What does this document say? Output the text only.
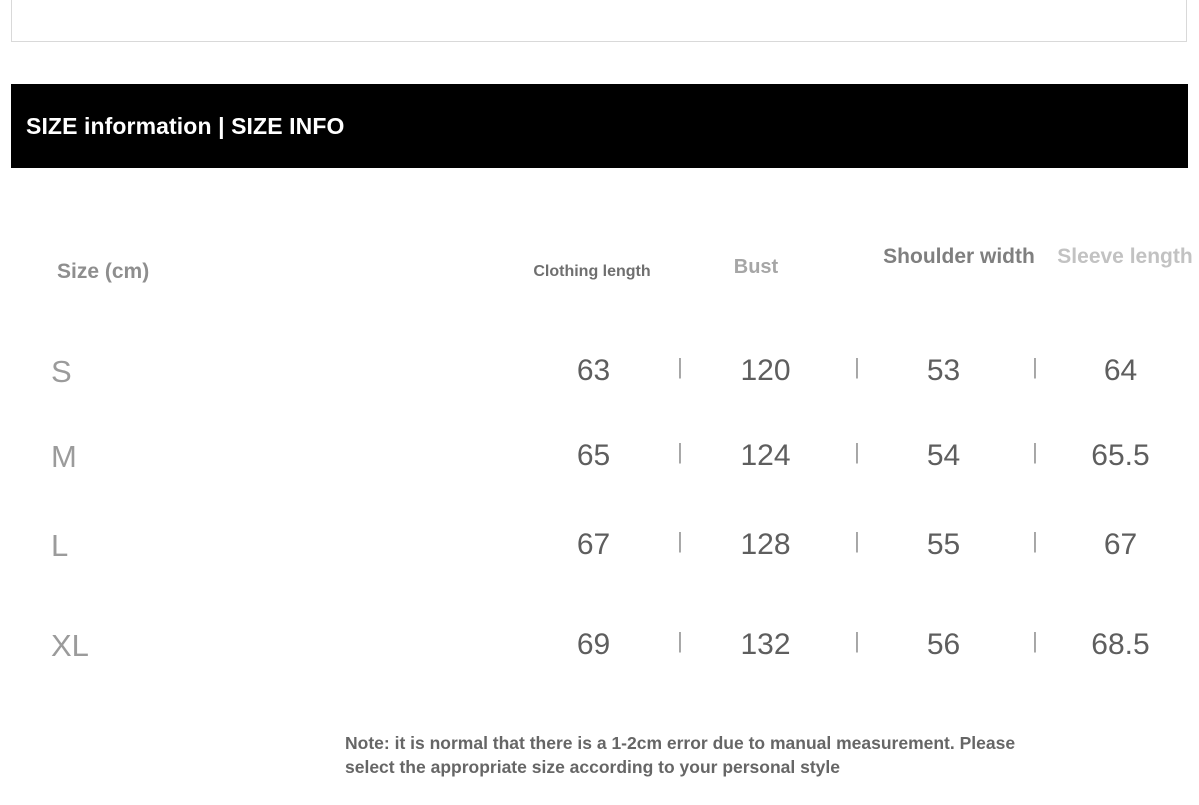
SIZE information | SIZE INFO
Size (cm)	Clothing length	Bust	Shoulder width	Sleeve length
S	63	|	120	|	53	|	64
M	65	|	124	|	54	|	65.5
L	67	|	128	|	55	|	67
XL	69	|	132	|	56	|	68.5
Note: it is normal that there is a 1-2cm error due to manual measurement. Please select the appropriate size according to your personal style
